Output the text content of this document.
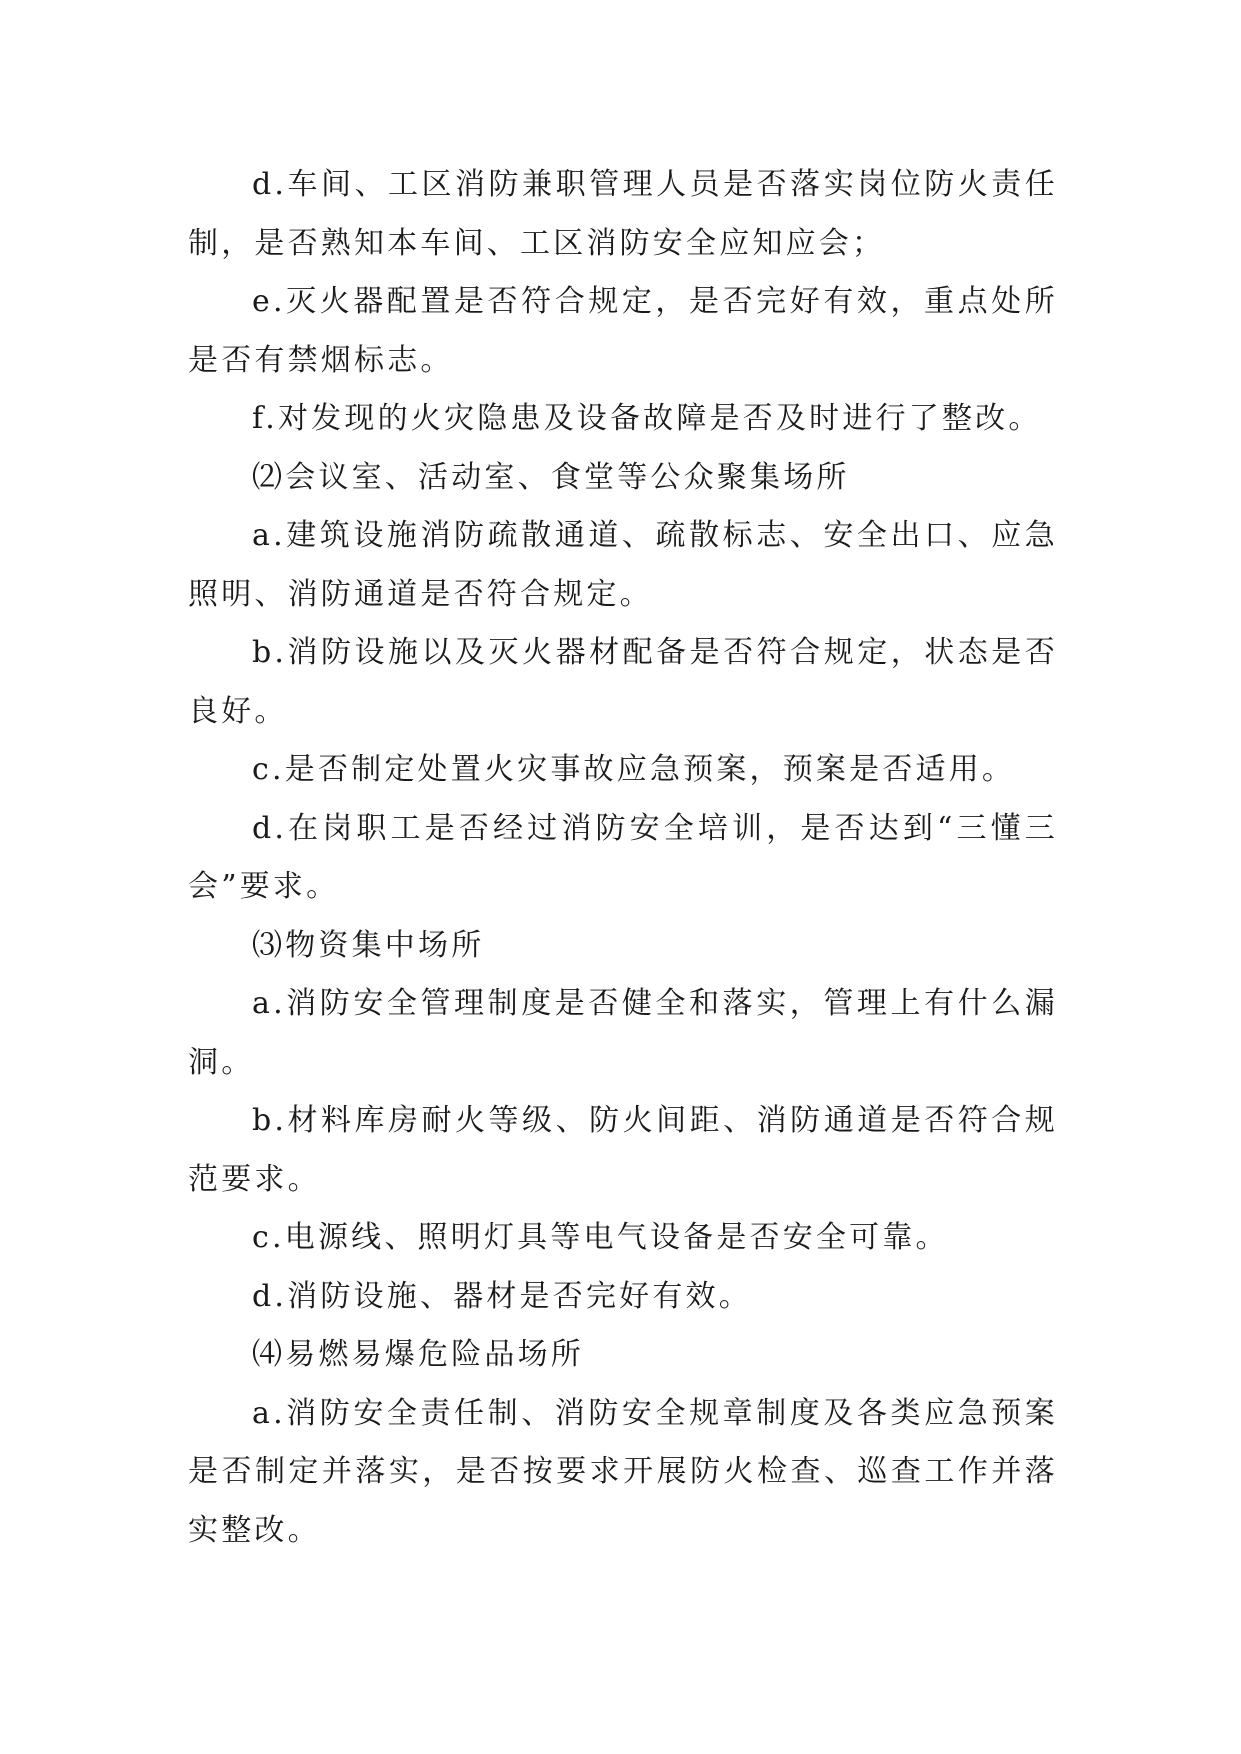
d.车间、工区消防兼职管理人员是否落实岗位防火责任制，是否熟知本车间、工区消防安全应知应会；

e.灭火器配置是否符合规定，是否完好有效，重点处所是否有禁烟标志。

f.对发现的火灾隐患及设备故障是否及时进行了整改。

⑵会议室、活动室、食堂等公众聚集场所

a.建筑设施消防疏散通道、疏散标志、安全出口、应急照明、消防通道是否符合规定。

b.消防设施以及灭火器材配备是否符合规定，状态是否良好。

c.是否制定处置火灾事故应急预案，预案是否适用。

d.在岗职工是否经过消防安全培训，是否达到“三懂三会”要求。

⑶物资集中场所

a.消防安全管理制度是否健全和落实，管理上有什么漏洞。

b.材料库房耐火等级、防火间距、消防通道是否符合规范要求。

c.电源线、照明灯具等电气设备是否安全可靠。

d.消防设施、器材是否完好有效。

⑷易燃易爆危险品场所

a.消防安全责任制、消防安全规章制度及各类应急预案是否制定并落实，是否按要求开展防火检查、巡查工作并落实整改。
